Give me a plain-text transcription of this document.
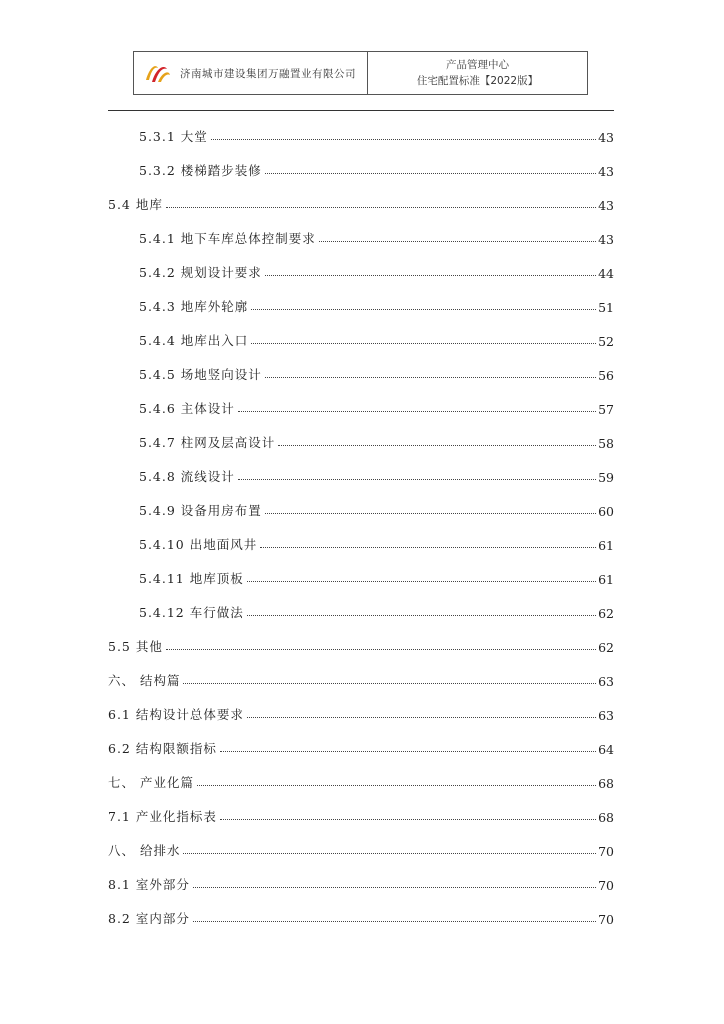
济南城市建设集团万融置业有限公司
产品管理中心
住宅配置标准【2022版】
5.3.1 大堂	43
5.3.2 楼梯踏步装修	43
5.4 地库	43
5.4.1 地下车库总体控制要求	43
5.4.2 规划设计要求	44
5.4.3 地库外轮廓	51
5.4.4 地库出入口	52
5.4.5 场地竖向设计	56
5.4.6 主体设计	57
5.4.7 柱网及层高设计	58
5.4.8 流线设计	59
5.4.9 设备用房布置	60
5.4.10 出地面风井	61
5.4.11 地库顶板	61
5.4.12 车行做法	62
5.5 其他	62
六、 结构篇	63
6.1 结构设计总体要求	63
6.2 结构限额指标	64
七、 产业化篇	68
7.1 产业化指标表	68
八、 给排水	70
8.1 室外部分	70
8.2 室内部分	70
